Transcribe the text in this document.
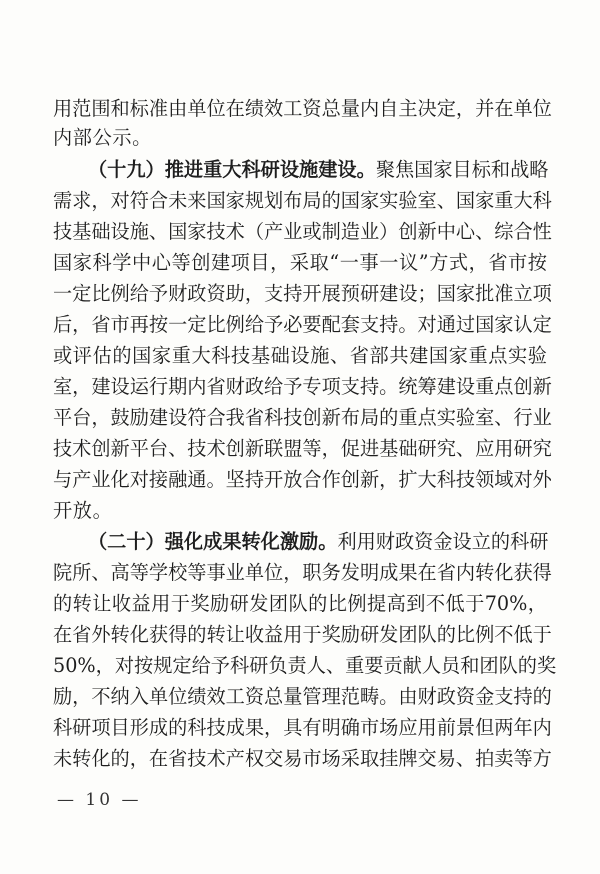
用范围和标准由单位在绩效工资总量内自主决定，并在单位
内部公示。
（十九）推进重大科研设施建设。聚焦国家目标和战略
需求，对符合未来国家规划布局的国家实验室、国家重大科
技基础设施、国家技术（产业或制造业）创新中心、综合性
国家科学中心等创建项目，采取“一事一议”方式，省市按
一定比例给予财政资助，支持开展预研建设；国家批准立项
后，省市再按一定比例给予必要配套支持。对通过国家认定
或评估的国家重大科技基础设施、省部共建国家重点实验
室，建设运行期内省财政给予专项支持。统筹建设重点创新
平台，鼓励建设符合我省科技创新布局的重点实验室、行业
技术创新平台、技术创新联盟等，促进基础研究、应用研究
与产业化对接融通。坚持开放合作创新，扩大科技领域对外
开放。
（二十）强化成果转化激励。利用财政资金设立的科研
院所、高等学校等事业单位，职务发明成果在省内转化获得
的转让收益用于奖励研发团队的比例提高到不低于70%，
在省外转化获得的转让收益用于奖励研发团队的比例不低于
50%，对按规定给予科研负责人、重要贡献人员和团队的奖
励，不纳入单位绩效工资总量管理范畴。由财政资金支持的
科研项目形成的科技成果，具有明确市场应用前景但两年内
未转化的，在省技术产权交易市场采取挂牌交易、拍卖等方
— 10 —
